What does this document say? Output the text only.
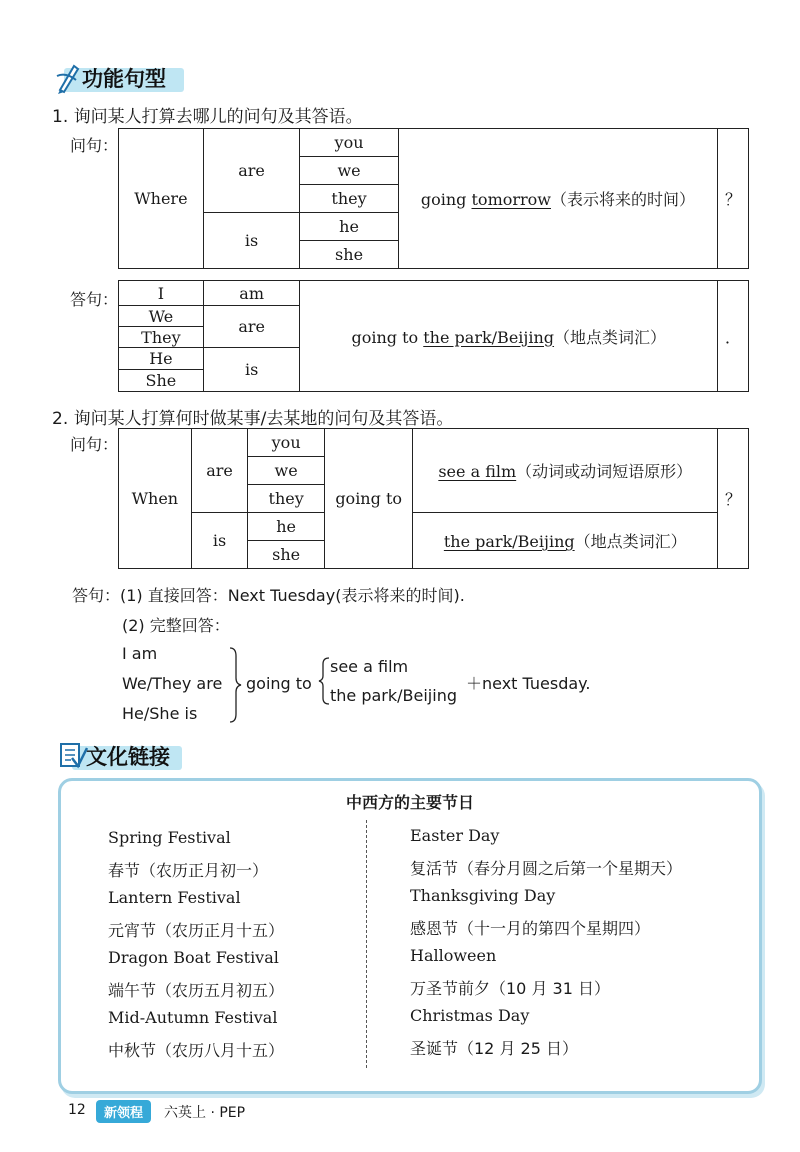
功能句型
1. 询问某人打算去哪儿的问句及其答语。
问句：
Where	are	you	going tomorrow（表示将来的时间）	？
		we		
		they		
	is	he		
		she		
答句： I	am	going to the park/Beijing（地点类词汇）	．
We	are		
They			
He	is		
She			
2. 询问某人打算何时做某事/去某地的问句及其答语。
问句：
When	are	you	going to	see a film（动词或动词短语原形）	？
		we			
		they			
	is	he		the park/Beijing（地点类词汇）	
		she			
答句：(1) 直接回答：Next Tuesday(表示将来的时间).
(2) 完整回答：
I am
We/They are
He/She is
going to
see a film
the park/Beijing
＋next Tuesday.
文化链接
中西方的主要节日
Spring Festival
春节（农历正月初一）
Lantern Festival
元宵节（农历正月十五）
Dragon Boat Festival
端午节（农历五月初五）
Mid-Autumn Festival
中秋节（农历八月十五）
Easter Day
复活节（春分月圆之后第一个星期天）
Thanksgiving Day
感恩节（十一月的第四个星期四）
Halloween
万圣节前夕（10 月 31 日）
Christmas Day
圣诞节（12 月 25 日）
12	新领程	六英上 · PEP
